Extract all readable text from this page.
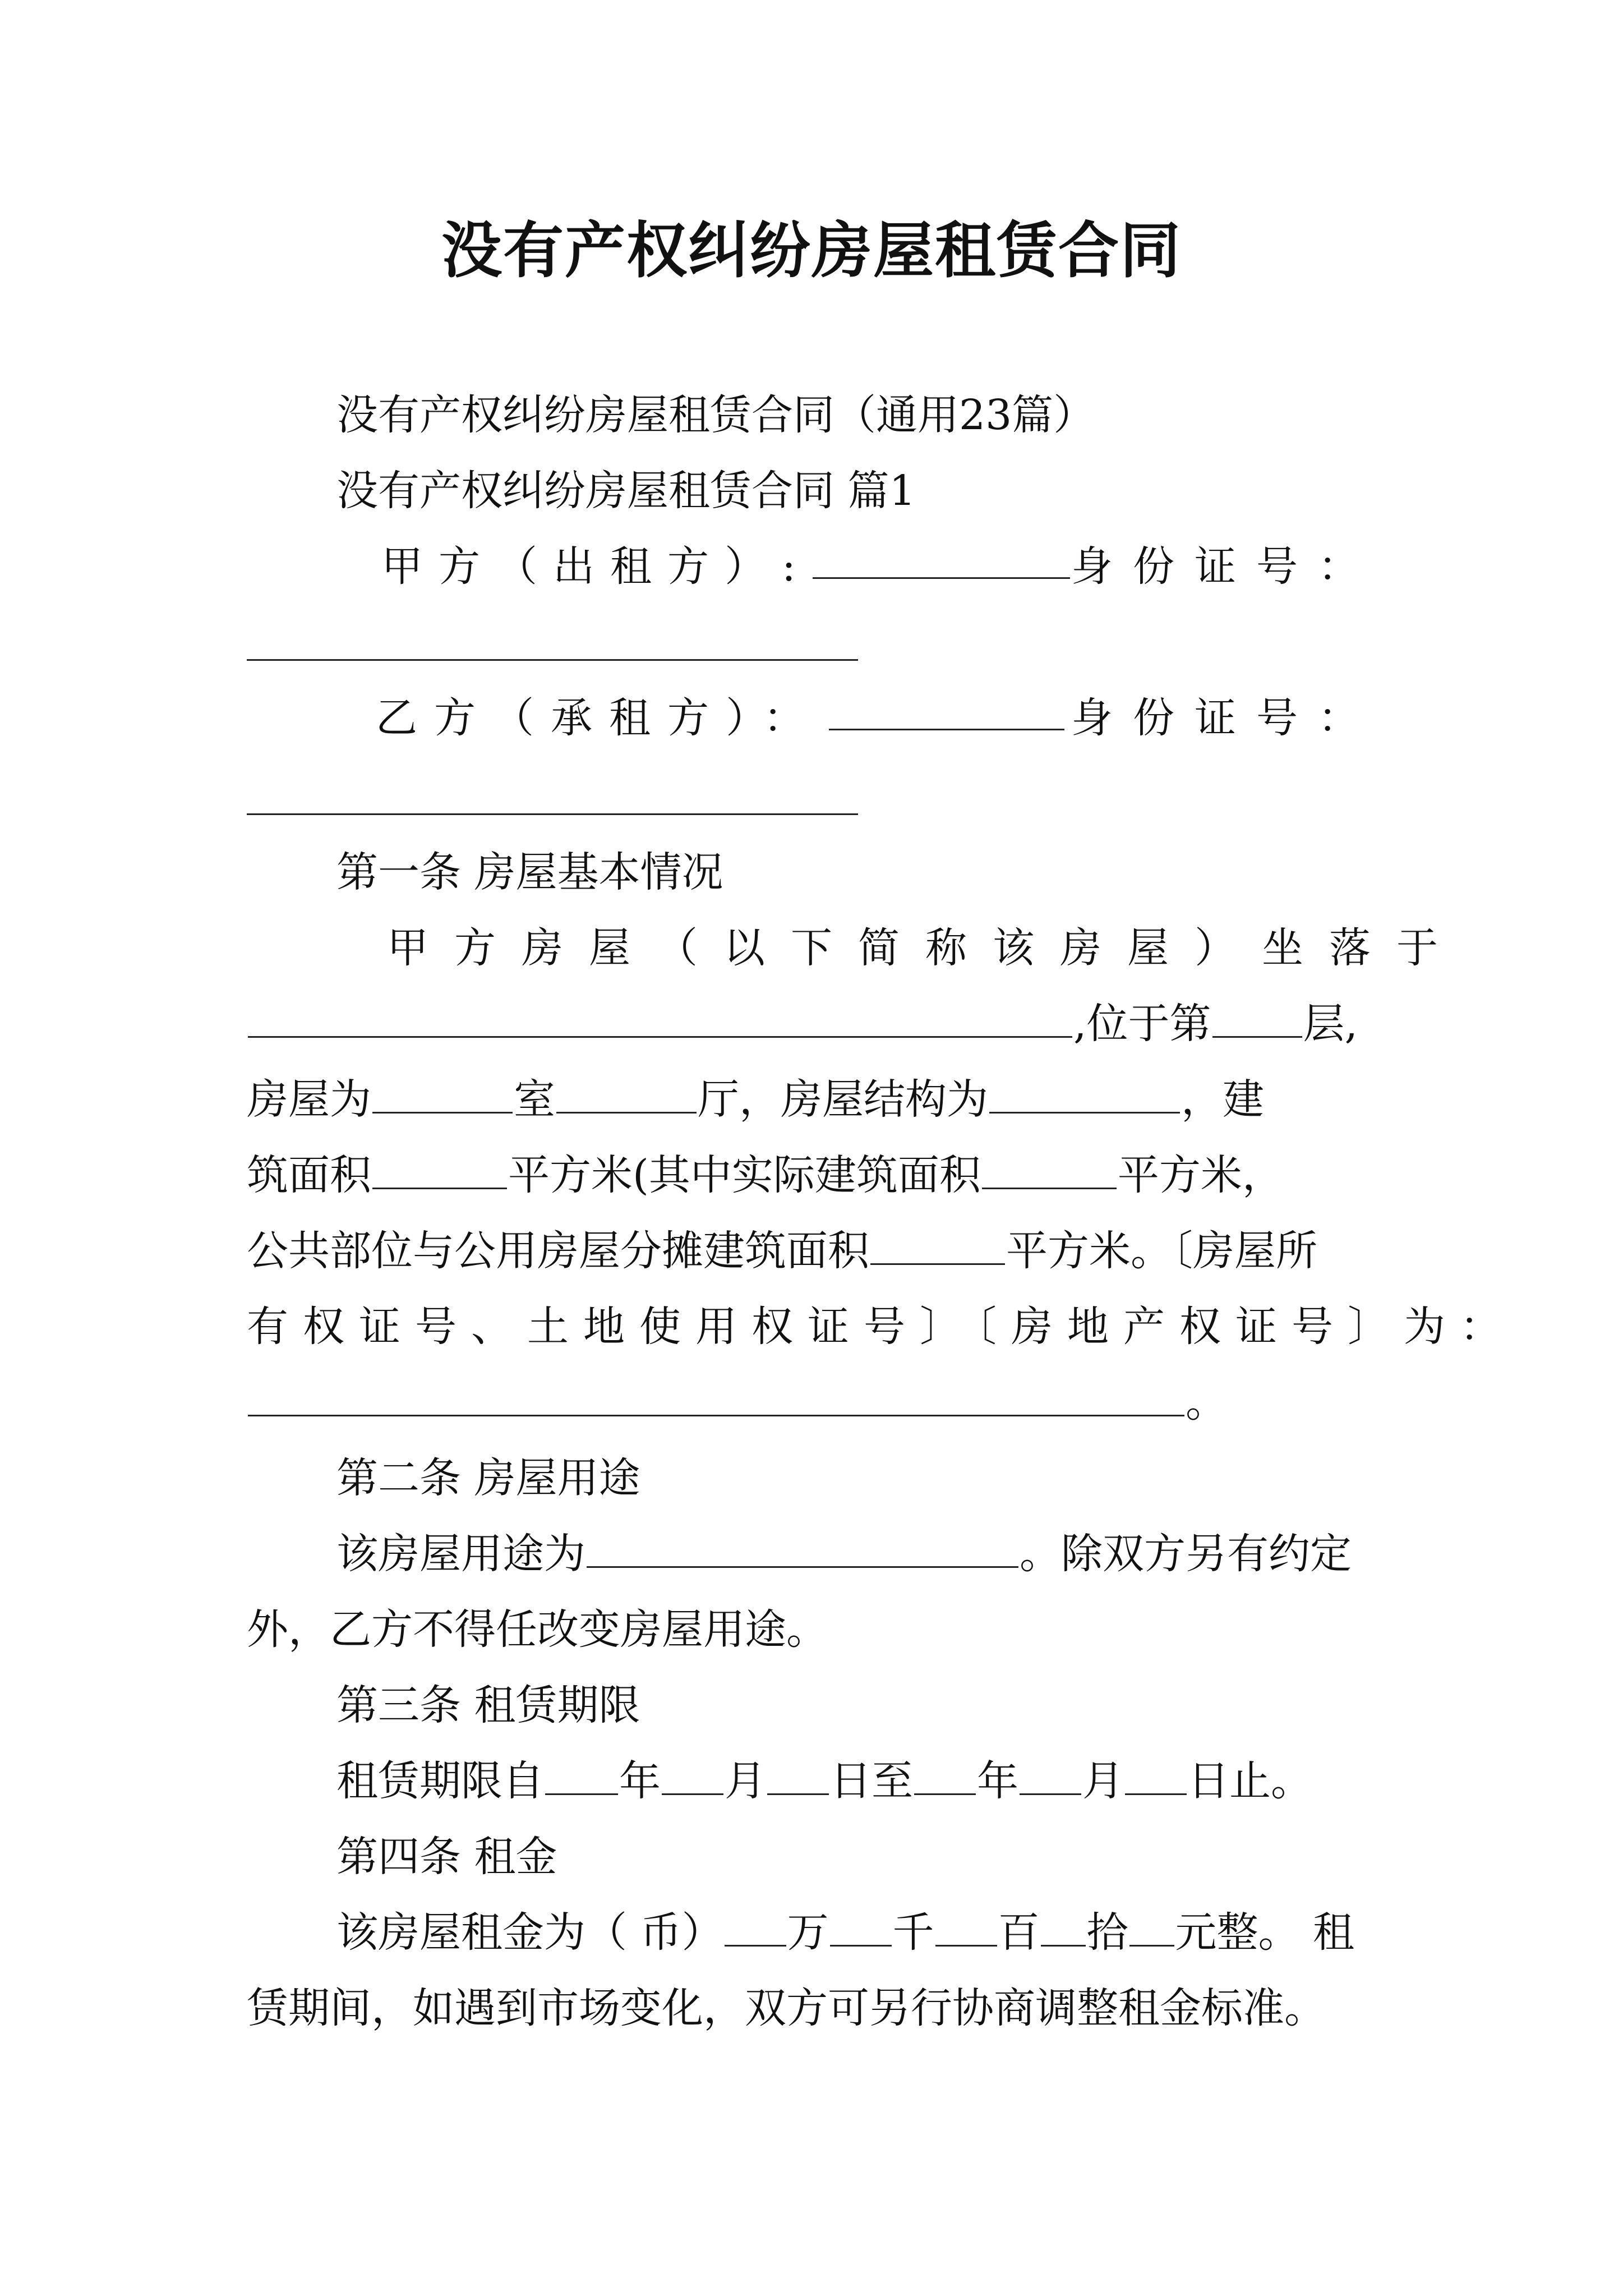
没有产权纠纷房屋租赁合同
没有产权纠纷房屋租赁合同（通用23篇）
没有产权纠纷房屋租赁合同 篇1
甲方（出租方）:	身份证号：
乙方（承租方）：	身份证号：
第一条 房屋基本情况
甲方房屋（以下简称该房屋）坐落于
,位于第 层,
房屋为	室	厅，房屋结构为	，建
筑面积	平方米(其中实际建筑面积	平方米，
公共部位与公用房屋分摊建筑面积	平方米。〔房屋所
有权证号、土地使用权证号〕〔房地产权证号〕为：
。
第二条 房屋用途
该房屋用途为	。除双方另有约定
外，乙方不得任改变房屋用途。
第三条 租赁期限
租赁期限自 年 月 日至 年 月 日止。
第四条 租金
该房屋租金为（ 币） 万 千 百 拾 元整。 租
赁期间，如遇到市场变化，双方可另行协商调整租金标准。
